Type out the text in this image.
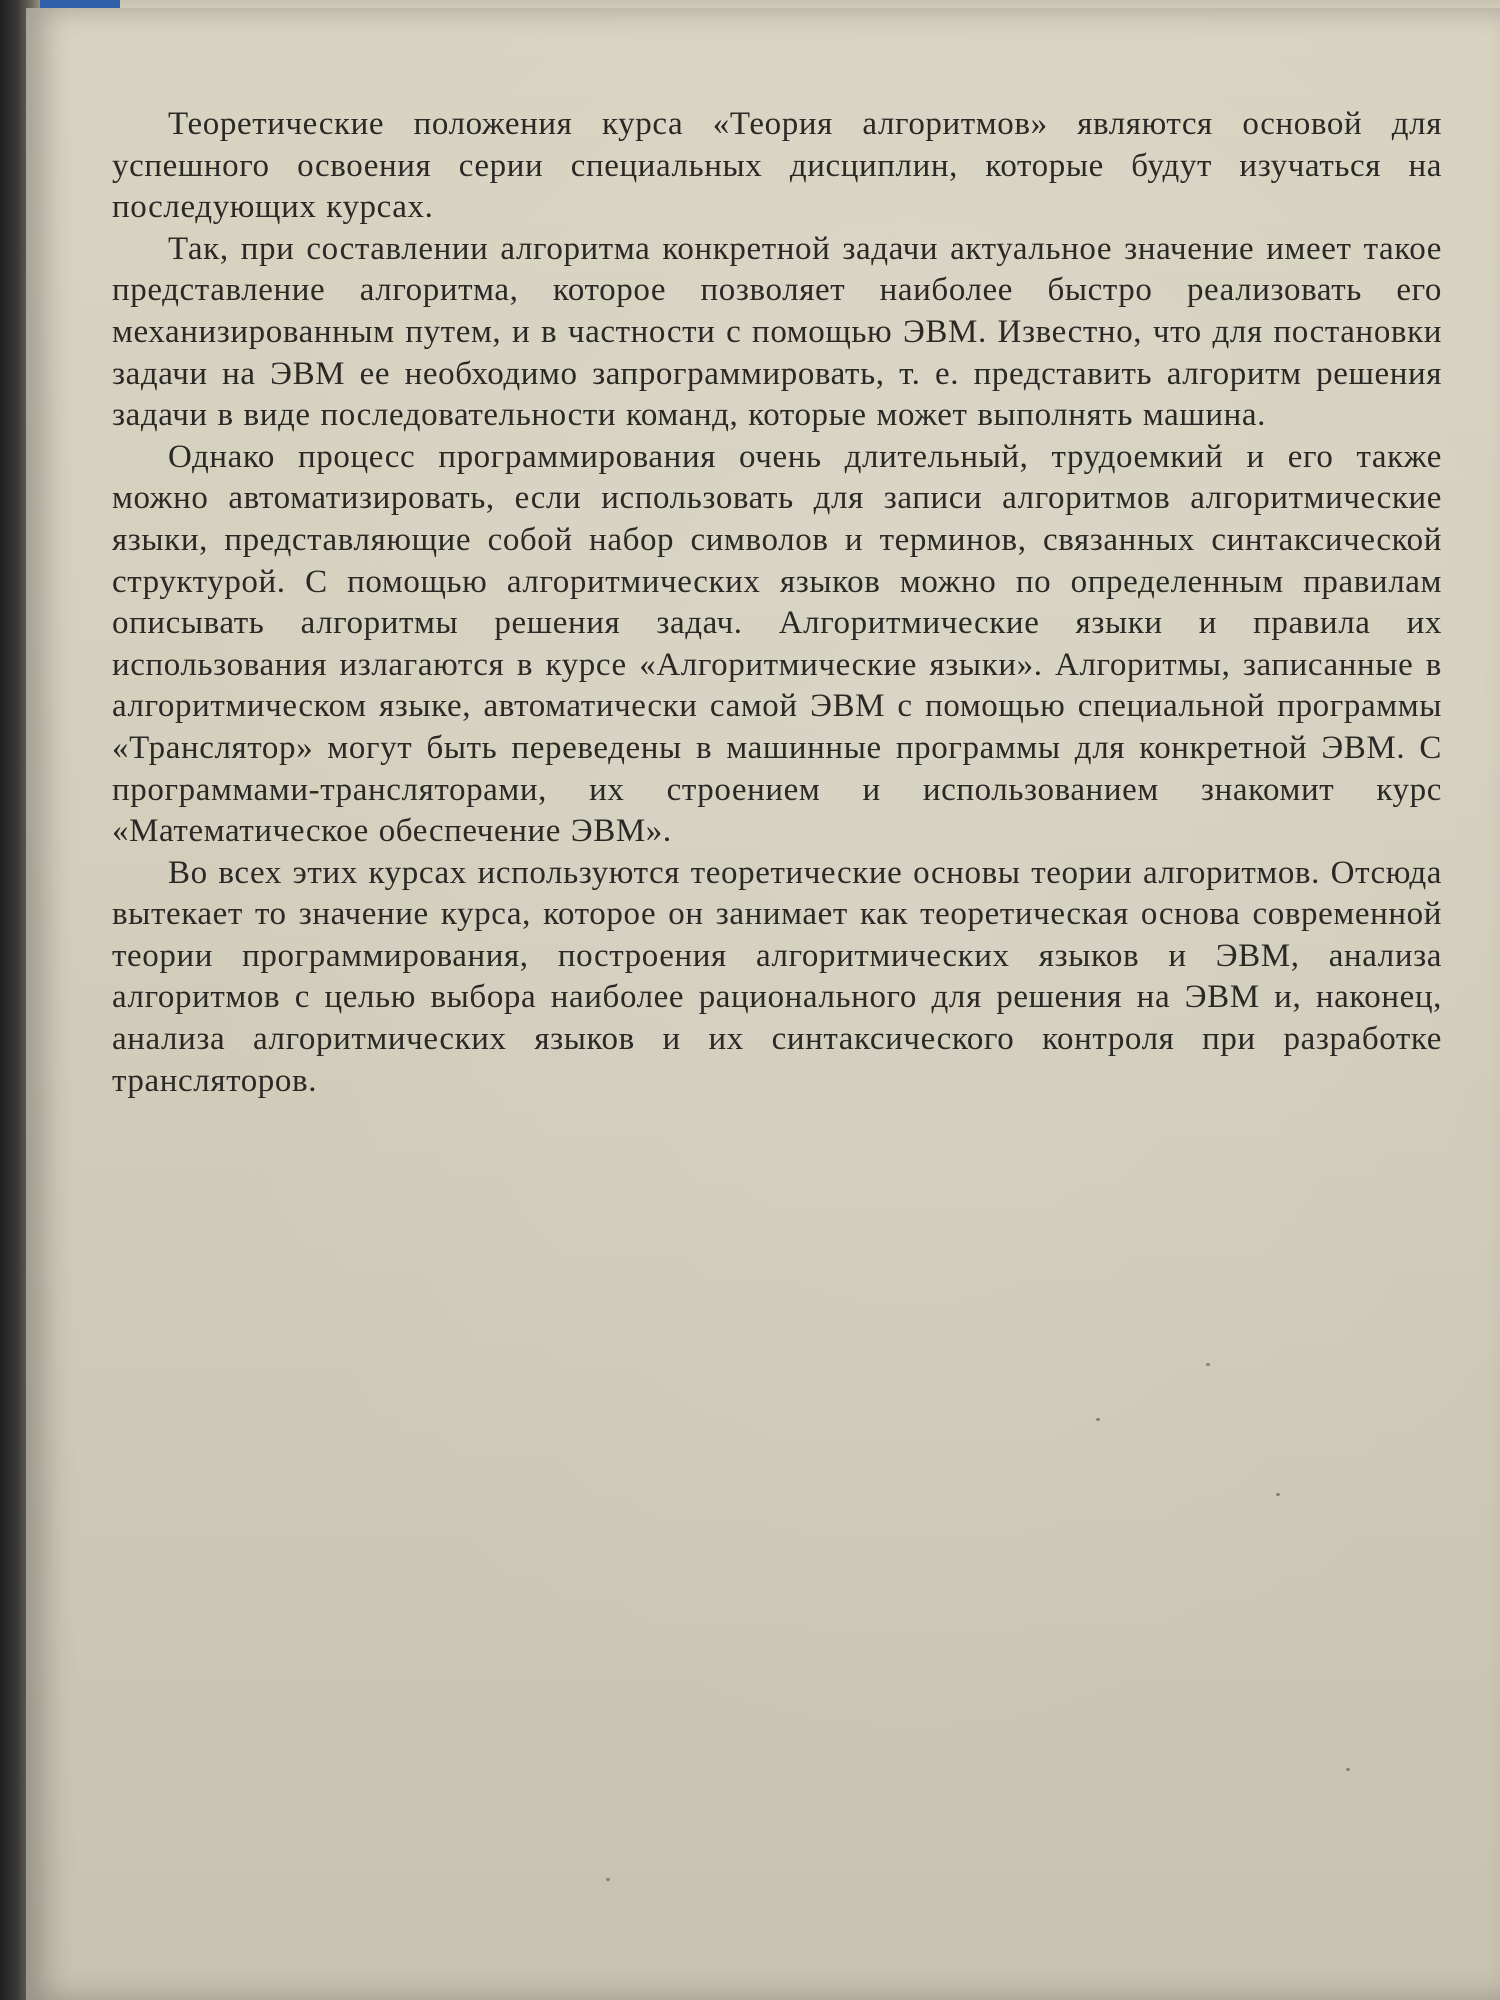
Теоретические положения курса «Теория алгоритмов» являются основой для успешного освоения серии специальных дисциплин, которые будут изучаться на последующих курсах.

Так, при составлении алгоритма конкретной задачи актуальное значение имеет такое представление алгоритма, которое позволяет наиболее быстро реализовать его механизированным путем, и в частности с помощью ЭВМ. Известно, что для постановки задачи на ЭВМ ее необходимо запрограммировать, т. е. представить алгоритм решения задачи в виде последовательности команд, которые может выполнять машина.

Однако процесс программирования очень длительный, трудоемкий и его также можно автоматизировать, если использовать для записи алгоритмов алгоритмические языки, представляющие собой набор символов и терминов, связанных синтаксической структурой. С помощью алгоритмических языков можно по определенным правилам описывать алгоритмы решения задач. Алгоритмические языки и правила их использования излагаются в курсе «Алгоритмические языки». Алгоритмы, записанные в алгоритмическом языке, автоматически самой ЭВМ с помощью специальной программы «Транслятор» могут быть переведены в машинные программы для конкретной ЭВМ. С программами-трансляторами, их строением и использованием знакомит курс «Математическое обеспечение ЭВМ».

Во всех этих курсах используются теоретические основы теории алгоритмов. Отсюда вытекает то значение курса, которое он занимает как теоретическая основа современной теории программирования, построения алгоритмических языков и ЭВМ, анализа алгоритмов с целью выбора наиболее рационального для решения на ЭВМ и, наконец, анализа алгоритмических языков и их синтаксического контроля при разработке трансляторов.
